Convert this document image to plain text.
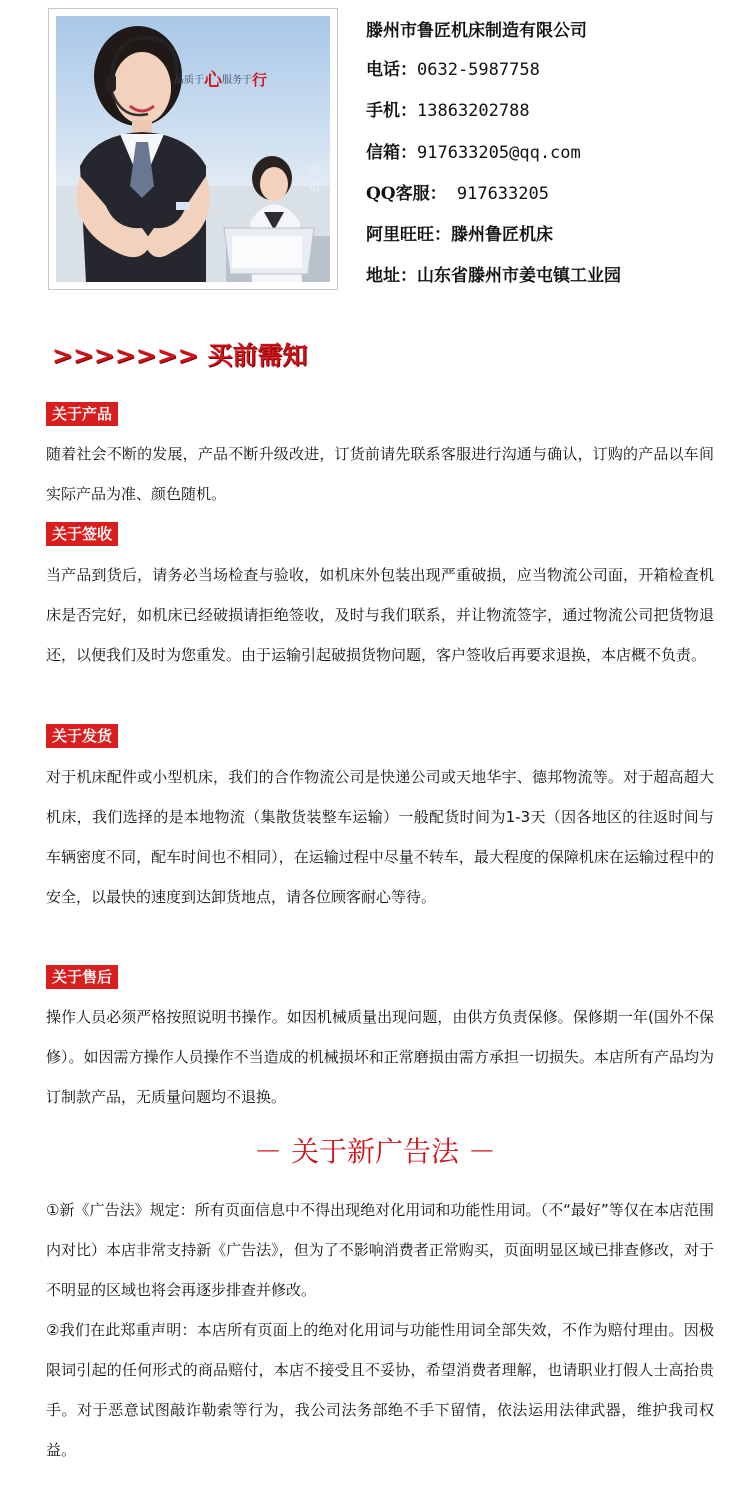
品质于心服务于行
请稍
滕州市鲁匠机床制造有限公司
电话：0632-5987758
手机：13863202788
信箱：917633205@qq.com
QQ客服： 917633205
阿里旺旺：滕州鲁匠机床
地址：山东省滕州市姜屯镇工业园
>>>>>>> 买前需知
关于产品
随着社会不断的发展，产品不断升级改进，订货前请先联系客服进行沟通与确认，订购的产品以车间实际产品为准、颜色随机。
关于签收
当产品到货后，请务必当场检查与验收，如机床外包装出现严重破损，应当物流公司面，开箱检查机床是否完好，如机床已经破损请拒绝签收，及时与我们联系，并让物流签字，通过物流公司把货物退还，以便我们及时为您重发。由于运输引起破损货物问题，客户签收后再要求退换，本店概不负责。
关于发货
对于机床配件或小型机床，我们的合作物流公司是快递公司或天地华宇、德邦物流等。对于超高超大机床，我们选择的是本地物流（集散货装整车运输）一般配货时间为1-3天（因各地区的往返时间与车辆密度不同，配车时间也不相同），在运输过程中尽量不转车，最大程度的保障机床在运输过程中的安全，以最快的速度到达卸货地点，请各位顾客耐心等待。
关于售后
操作人员必须严格按照说明书操作。如因机械质量出现问题，由供方负责保修。保修期一年(国外不保修）。如因需方操作人员操作不当造成的机械损坏和正常磨损由需方承担一切损失。本店所有产品均为订制款产品，无质量问题均不退换。
－ 关于新广告法 －
①新《广告法》规定：所有页面信息中不得出现绝对化用词和功能性用词。（不“最好”等仅在本店范围内对比）本店非常支持新《广告法》，但为了不影响消费者正常购买，页面明显区域已排查修改，对于不明显的区域也将会再逐步排查并修改。
②我们在此郑重声明：本店所有页面上的绝对化用词与功能性用词全部失效，不作为赔付理由。因极限词引起的任何形式的商品赔付，本店不接受且不妥协，希望消费者理解，也请职业打假人士高抬贵手。对于恶意试图敲诈勒索等行为，我公司法务部绝不手下留情，依法运用法律武器，维护我司权益。
